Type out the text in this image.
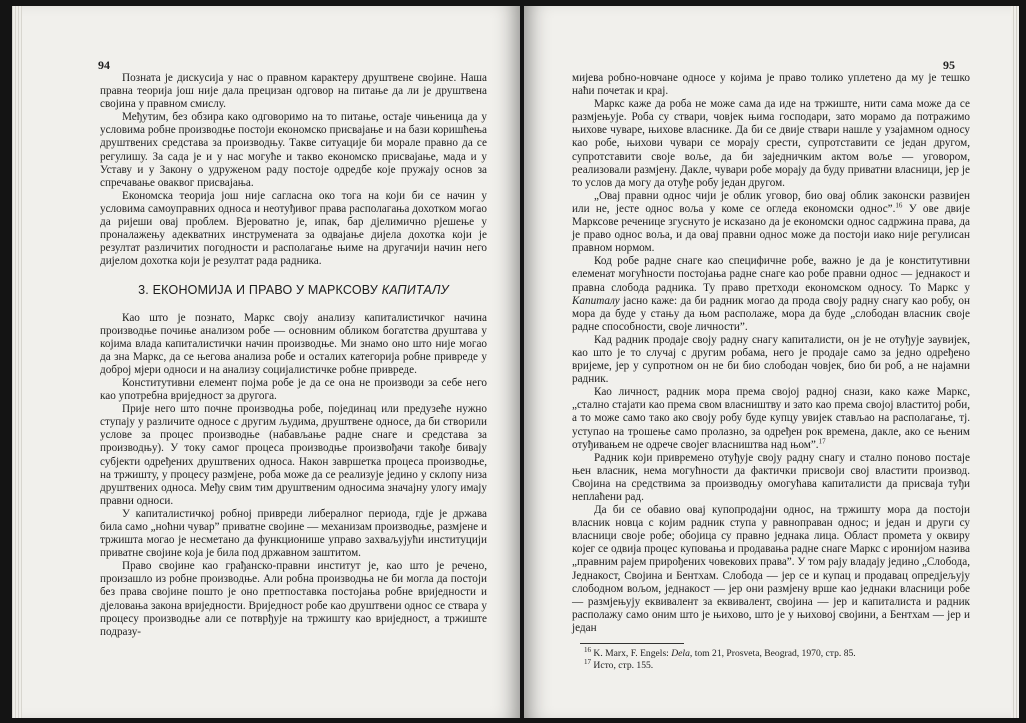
94

Позната је дискусија у нас о правном карактеру друштвене својине. Наша правна теорија још није дала прецизан одговор на питање да ли је друштвена својина у правном смислу.

Међутим, без обзира како одговоримо на то питање, остаје чињеница да у условима робне производње постоји економско присвајање и на бази коришћења друштвених средстава за производњу. Такве ситуације би морале правно да се регулишу. За сада је и у нас могуће и такво економско присвајање, мада и у Уставу и у Закону о удруженом раду постоје одредбе које пружају основ за спречавање оваквог присвајања.

Економска теорија још није сагласна око тога на који би се начин у условима самоуправних односа и неотуђивог права располагања дохотком могао да ријеши овај проблем. Вјероватно је, ипак, бар дјелимично рјешење у проналажењу адекватних инструмената за одвајање дијела дохотка који је резултат различитих погодности и располагање њиме на другачији начин него дијелом дохотка који је резултат рада радника.

3. ЕКОНОМИЈА И ПРАВО У МАРКСОВУ КАПИТАЛУ

Као што је познато, Маркс своју анализу капиталистичког начина производње почиње анализом робе — основним обликом богатства друштава у којима влада капиталистички начин производње. Ми знамо оно што није могао да зна Маркс, да се његова анализа робе и осталих категорија робне привреде у доброј мјери односи и на анализу социјалистичке робне привреде.

Конститутивни елемент појма робе је да се она не производи за себе него као употребна вриједност за другога.

Прије него што почне производња робе, појединац или предузеће нужно ступају у различите односе с другим људима, друштвене односе, да би створили услове за процес производње (набављање радне снаге и средстава за производњу). У току самог процеса производње произвођачи такође бивају субјекти одређених друштвених односа. Након завршетка процеса производње, на тржишту, у процесу размјене, роба може да се реализује једино у склопу низа друштвених односа. Међу свим тим друштвеним односима значајну улогу имају правни односи.

У капиталистичкој робној привреди либералног периода, гдје је држава била само „ноћни чувар” приватне својине — механизам производње, размјене и тржишта могао је несметано да функционише управо захваљујући институцији приватне својине која је била под државном заштитом.

Право својине као грађанско-правни институт је, као што је речено, произашло из робне производње. Али робна производња не би могла да постоји без права својине пошто је оно претпоставка постојања робне вриједности и дјеловања закона вриједности. Вриједност робе као друштвени однос се ствара у процесу производње али се потврђује на тржишту као вриједност, а тржиште подразу-

95

мијева робно-новчане односе у којима је право толико уплетено да му је тешко наћи почетак и крај.

Маркс каже да роба не може сама да иде на тржиште, нити сама може да се размјењује. Роба су ствари, човјек њима господари, зато морамо да потражимо њихове чуваре, њихове власнике. Да би се двије ствари нашле у узајамном односу као робе, њихови чувари се морају срести, супротставити се један другом, супротставити своје воље, да би заједничким актом воље — уговором, реализовали размјену. Дакле, чувари робе морају да буду приватни власници, јер је то услов да могу да отуђе робу један другом.

„Овај правни однос чији је облик уговор, био овај облик законски развијен или не, јесте однос воља у коме се огледа економски однос”.$^{16}$ У ове двије Марксове реченице згуснуто је исказано да је економски однос садржина права, да је право однос воља, и да овај правни однос може да постоји иако није регулисан правном нормом.

Код робе радне снаге као специфичне робе, важно је да је конститутивни елеменат могућности постојања радне снаге као робе правни однос — једнакост и правна слобода радника. Ту право претходи економском односу. То Маркс у Капиталу јасно каже: да би радник могао да прода своју радну снагу као робу, он мора да буде у стању да њом располаже, мора да буде „слободан власник своје радне способности, своје личности”.

Кад радник продаје своју радну снагу капиталисти, он је не отуђује заувијек, као што је то случај с другим робама, него је продаје само за једно одређено вријеме, јер у супротном он не би био слободан човјек, био би роб, а не најамни радник.

Као личност, радник мора према својој радној снази, како каже Маркс, „стално стајати као према свом власништву и зато као према својој властитој роби, а то може само тако ако своју робу буде купцу увијек стављао на располагање, тј. уступао на трошење само пролазно, за одређен рок времена, дакле, ако се њеним отуђивањем не одрече својег власништва над њом”.$^{17}$

Радник који привремено отуђује своју радну снагу и стално поново постаје њен власник, нема могућности да фактички присвоји свој властити производ. Својина на средствима за производњу омогућава капиталисти да присваја туђи неплаћени рад.

Да би се обавио овај купопродајни однос, на тржишту мора да постоји власник новца с којим радник ступа у равноправан однос; и један и други су власници своје робе; обојица су правно једнака лица. Област промета у оквиру којег се одвија процес куповања и продавања радне снаге Маркс с иронијом назива „правним рајем прирођених човекових права”. У том рају владају једино „Слобода, Једнакост, Својина и Бентхам. Слобода — јер се и купац и продавац опредјељују слободном вољом, једнакост — јер они размјену врше као једнаки власници робе — размјењују еквивалент за еквивалент, својина — јер и капиталиста и радник располажу само оним што је њихово, што је у њиховој својини, а Бентхам — јер и један

$^{16}$ K. Marx, F. Engels: Dela, tom 21, Prosveta, Beograd, 1970, стр. 85.
$^{17}$ Исто, стр. 155.
